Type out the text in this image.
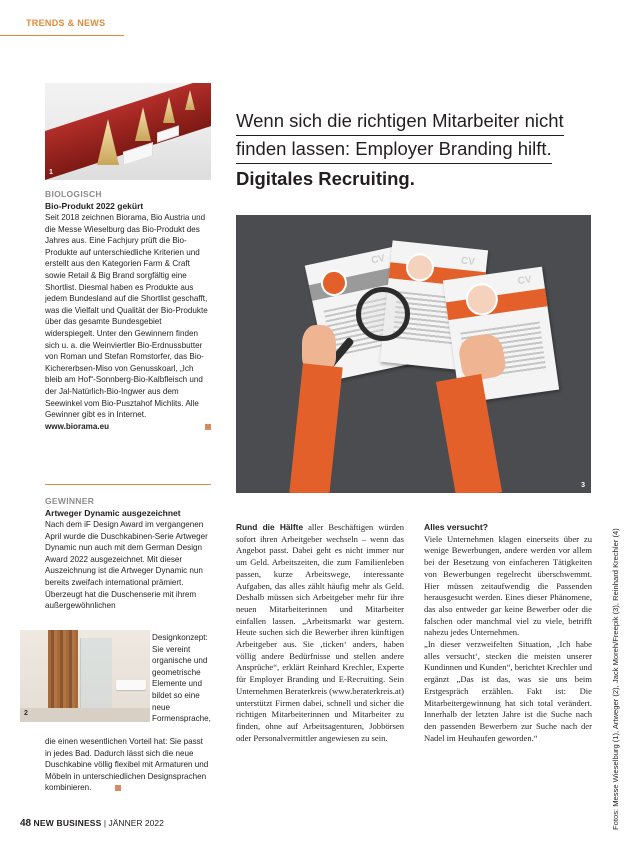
TRENDS & NEWS
1
BIOLOGISCH
Bio-Produkt 2022 gekürt

Seit 2018 zeichnen Biorama, Bio Austria und die Messe Wieselburg das Bio-Produkt des Jahres aus. Eine Fachjury prüft die Bio-Produkte auf unterschiedliche Kriterien und erstellt aus den Kategorien Farm & Craft sowie Retail & Big Brand sorgfältig eine Shortlist. Diesmal haben es Produkte aus jedem Bundesland auf die Shortlist geschafft, was die Vielfalt und Qualität der Bio-Produkte über das gesamte Bundesgebiet widerspiegelt. Unter den Gewinnern finden sich u. a. die Weinviertler Bio-Erdnussbutter von Roman und Stefan Romstorfer, das Bio-Kichererbsen-Miso von Genusskoarl, „Ich bleib am Hof“-Sonnberg-Bio-Kalbfleisch und der Jal-Natürlich-Bio-Ingwer aus dem Seewinkel vom Bio-Pusztahof Michlits. Alle Gewinner gibt es in Internet.
www.biorama.eu

GEWINNER
Artweger Dynamic ausgezeichnet

Nach dem iF Design Award im vergangenen April wurde die Duschkabinen-Serie Artweger Dynamic nun auch mit dem German Design Award 2022 ausgezeichnet. Mit dieser Auszeichnung ist die Artweger Dynamic nun bereits zweifach international prämiert. Überzeugt hat die Duschenserie mit ihrem außergewöhnlichen

Designkonzept: Sie vereint organische und geometrische Elemente und bildet so eine neue Formensprache,

die einen wesentlichen Vorteil hat: Sie passt in jedes Bad. Dadurch lässt sich die neue Duschkabine völlig flexibel mit Armaturen und Möbeln in unterschiedlichen Designsprachen kombinieren.

2
Wenn sich die richtigen Mitarbeiter nicht
finden lassen: Employer Branding hilft.
Digitales Recruiting.
CV	CV
CV
3
Rund die Hälfte aller Beschäftigen würden sofort ihren Arbeitgeber wechseln – wenn das Angebot passt. Dabei geht es nicht immer nur um Geld. Arbeitszeiten, die zum Familienleben passen, kurze Arbeitswege, interessante Aufgaben, das alles zählt häufig mehr als Geld. Deshalb müssen sich Arbeitgeber mehr für ihre neuen Mitarbeiterinnen und Mitarbeiter einfallen lassen. „Arbeitsmarkt war gestern. Heute suchen sich die Bewerber ihren künftigen Arbeitgeber aus. Sie ‚ticken‘ anders, haben völlig andere Bedürfnisse und stellen andere Ansprüche“, erklärt Reinhard Krechler, Experte für Employer Branding und E-Recruiting. Sein Unternehmen Beraterkreis (www.beraterkreis.at) unterstützt Firmen dabei, schnell und sicher die richtigen Mitarbeiterinnen und Mitarbeiter zu finden, ohne auf Arbeitsagenturen, Jobbörsen oder Personalvermittler angewiesen zu sein.
Alles versucht?
Viele Unternehmen klagen einerseits über zu wenige Bewerbungen, andere werden vor allem bei der Besetzung von einfacheren Tätigkeiten von Bewerbungen regelrecht überschwemmt. Hier müssen zeitaufwendig die Passenden herausgesucht werden. Eines dieser Phänomene, das also entweder gar keine Bewerber oder die falschen oder manchmal viel zu viele, betrifft nahezu jedes Unternehmen.
„In dieser verzweifelten Situation, ‚Ich habe alles versucht‘, stecken die meisten unserer Kundinnen und Kunden“, berichtet Krechler und ergänzt „Das ist das, was sie uns beim Erstgespräch erzählen. Fakt ist: Die Mitarbeitergewinnung hat sich total verändert. Innerhalb der letzten Jahre ist die Suche nach den passenden Bewerbern zur Suche nach der Nadel im Heuhaufen geworden.“	Fotos: Messe Wieselburg (1), Artweger (2), Jack Moreh/Freepik (3), Reinhard Krechler (4)
48 NEW BUSINESS | JÄNNER 2022
